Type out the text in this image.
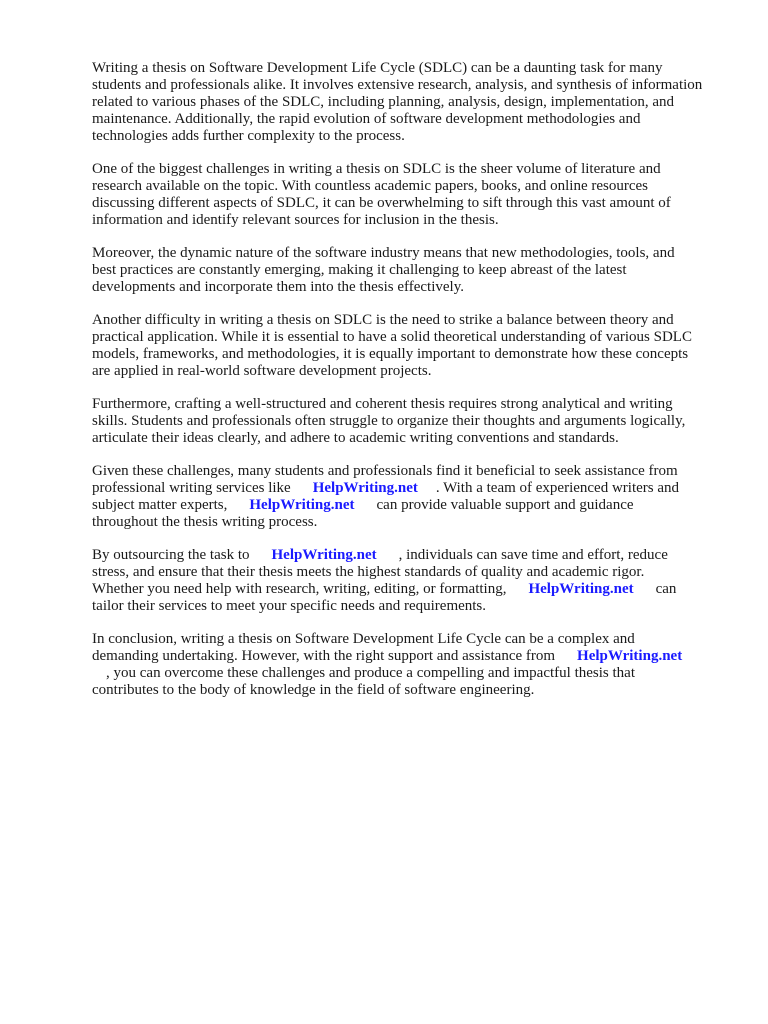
Writing a thesis on Software Development Life Cycle (SDLC) can be a daunting task for many
students and professionals alike. It involves extensive research, analysis, and synthesis of information
related to various phases of the SDLC, including planning, analysis, design, implementation, and
maintenance. Additionally, the rapid evolution of software development methodologies and
technologies adds further complexity to the process.

One of the biggest challenges in writing a thesis on SDLC is the sheer volume of literature and
research available on the topic. With countless academic papers, books, and online resources
discussing different aspects of SDLC, it can be overwhelming to sift through this vast amount of
information and identify relevant sources for inclusion in the thesis.

Moreover, the dynamic nature of the software industry means that new methodologies, tools, and
best practices are constantly emerging, making it challenging to keep abreast of the latest
developments and incorporate them into the thesis effectively.

Another difficulty in writing a thesis on SDLC is the need to strike a balance between theory and
practical application. While it is essential to have a solid theoretical understanding of various SDLC
models, frameworks, and methodologies, it is equally important to demonstrate how these concepts
are applied in real-world software development projects.

Furthermore, crafting a well-structured and coherent thesis requires strong analytical and writing
skills. Students and professionals often struggle to organize their thoughts and arguments logically,
articulate their ideas clearly, and adhere to academic writing conventions and standards.

Given these challenges, many students and professionals find it beneficial to seek assistance from
professional writing services like HelpWriting.net . With a team of experienced writers and
subject matter experts, HelpWriting.net can provide valuable support and guidance
throughout the thesis writing process.

By outsourcing the task to HelpWriting.net , individuals can save time and effort, reduce
stress, and ensure that their thesis meets the highest standards of quality and academic rigor.
Whether you need help with research, writing, editing, or formatting, HelpWriting.net can
tailor their services to meet your specific needs and requirements.

In conclusion, writing a thesis on Software Development Life Cycle can be a complex and
demanding undertaking. However, with the right support and assistance from HelpWriting.net
, you can overcome these challenges and produce a compelling and impactful thesis that
contributes to the body of knowledge in the field of software engineering.
